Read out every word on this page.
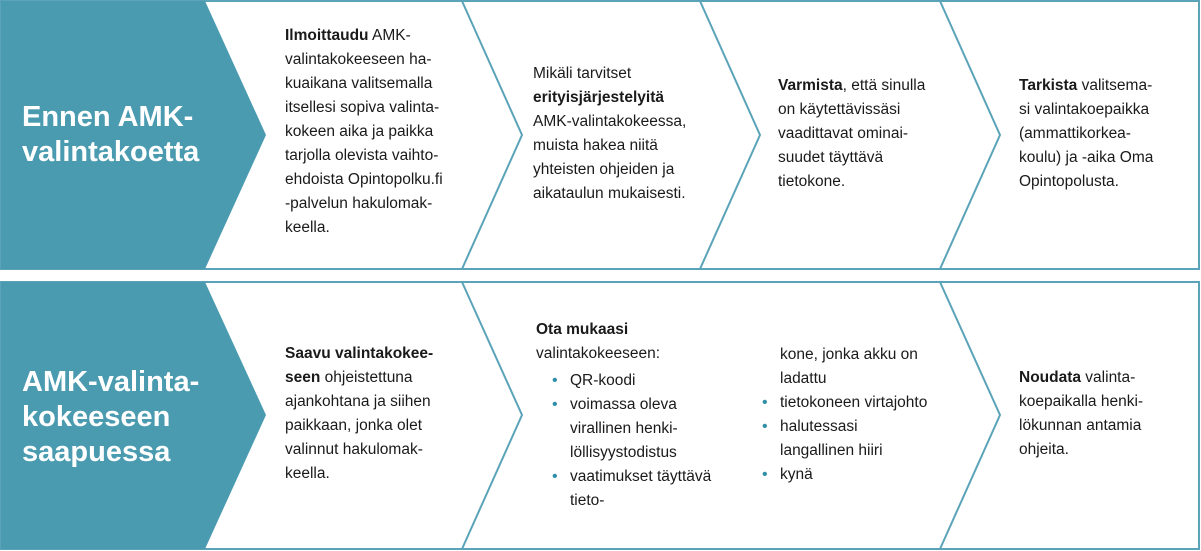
Ennen AMK-
valintakoetta
Ilmoittaudu AMK-
valintakokeeseen ha-
kuaikana valitsemalla
itsellesi sopiva valinta-
kokeen aika ja paikka
tarjolla olevista vaihto-
ehdoista Opintopolku.fi
-palvelun hakulomak-
keella.
Mikäli tarvitset
erityisjärjestelyitä
AMK-valintakokeessa,
muista hakea niitä
yhteisten ohjeiden ja
aikataulun mukaisesti.
Varmista, että sinulla
on käytettävissäsi
vaadittavat ominai-
suudet täyttävä
tietokone.
Tarkista valitsema-
si valintakoepaikka
(ammattikorkea-
koulu) ja -aika Oma
Opintopolusta.
AMK-valinta-
kokeeseen
saapuessa
Saavu valintakokee-
seen ohjeistettuna
ajankohtana ja siihen
paikkaan, jonka olet
valinnut hakulomak-
keella.
Ota mukaasi
valintakokeeseen:
• QR-koodi
• voimassa oleva virallinen henki-löllisyystodistus
• vaatimukset täyttävä tieto-
kone, jonka akku on ladattu
• tietokoneen virtajohto
• halutessasi langallinen hiiri
• kynä
Noudata valinta-
koepaikalla henki-
lökunnan antamia
ohjeita.
